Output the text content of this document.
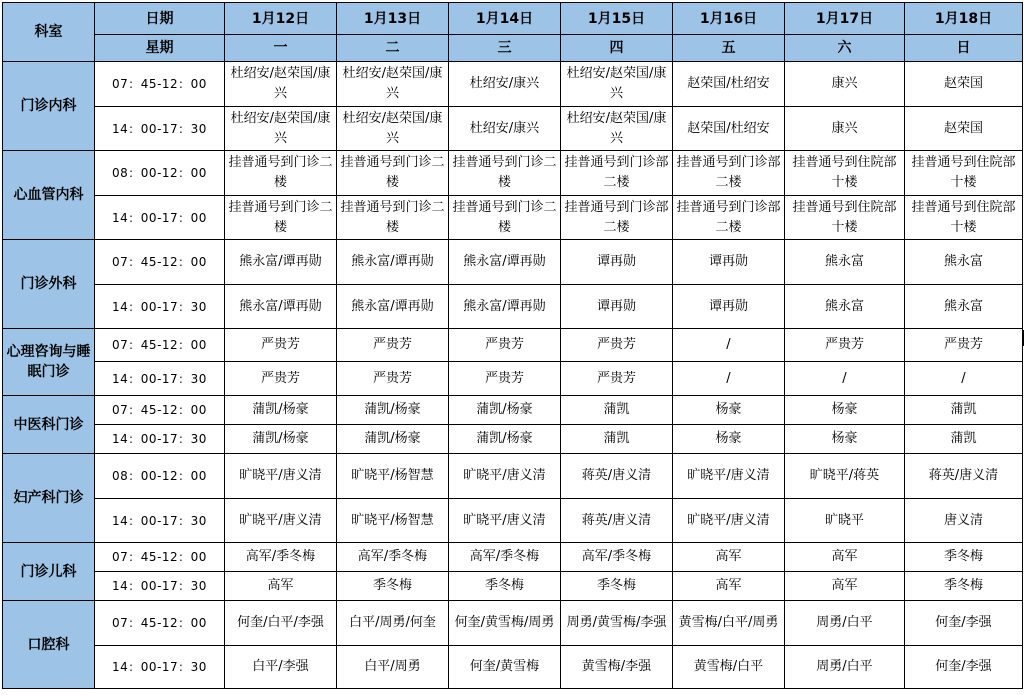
科室	日期	1月12日	1月13日	1月14日	1月15日	1月16日	1月17日	1月18日
	星期	一	二	三	四	五	六	日
门诊内科	07：45-12：00	杜绍安/赵荣国/康兴	杜绍安/赵荣国/康兴	杜绍安/康兴	杜绍安/赵荣国/康兴	赵荣国/杜绍安	康兴	赵荣国
	14：00-17：30	杜绍安/赵荣国/康兴	杜绍安/赵荣国/康兴	杜绍安/康兴	杜绍安/赵荣国/康兴	赵荣国/杜绍安	康兴	赵荣国
心血管内科	08：00-12：00	挂普通号到门诊二楼	挂普通号到门诊二楼	挂普通号到门诊二楼	挂普通号到门诊部二楼	挂普通号到门诊部二楼	挂普通号到住院部十楼	挂普通号到住院部十楼
	14：00-17：00	挂普通号到门诊二楼	挂普通号到门诊二楼	挂普通号到门诊二楼	挂普通号到门诊部二楼	挂普通号到门诊部二楼	挂普通号到住院部十楼	挂普通号到住院部十楼
门诊外科	07：45-12：00	熊永富/谭再勋	熊永富/谭再勋	熊永富/谭再勋	谭再勋	谭再勋	熊永富	熊永富
	14：00-17：30	熊永富/谭再勋	熊永富/谭再勋	熊永富/谭再勋	谭再勋	谭再勋	熊永富	熊永富
心理咨询与睡眠门诊	07：45-12：00	严贵芳	严贵芳	严贵芳	严贵芳	/	严贵芳	严贵芳
	14：00-17：30	严贵芳	严贵芳	严贵芳	严贵芳	/	/	/
中医科门诊	07：45-12：00	蒲凯/杨豪	蒲凯/杨豪	蒲凯/杨豪	蒲凯	杨豪	杨豪	蒲凯
	14：00-17：30	蒲凯/杨豪	蒲凯/杨豪	蒲凯/杨豪	蒲凯	杨豪	杨豪	蒲凯
妇产科门诊	08：00-12：00	旷晓平/唐义清	旷晓平/杨智慧	旷晓平/唐义清	蒋英/唐义清	旷晓平/唐义清	旷晓平/蒋英	蒋英/唐义清
	14：00-17：30	旷晓平/唐义清	旷晓平/杨智慧	旷晓平/唐义清	蒋英/唐义清	旷晓平/唐义清	旷晓平	唐义清
门诊儿科	07：45-12：00	高军/季冬梅	高军/季冬梅	高军/季冬梅	高军/季冬梅	高军	高军	季冬梅
	14：00-17：30	高军	季冬梅	季冬梅	季冬梅	高军	高军	季冬梅
口腔科	07：45-12：00	何奎/白平/李强	白平/周勇/何奎	何奎/黄雪梅/周勇	周勇/黄雪梅/李强	黄雪梅/白平/周勇	周勇/白平	何奎/李强
	14：00-17：30	白平/李强	白平/周勇	何奎/黄雪梅	黄雪梅/李强	黄雪梅/白平	周勇/白平	何奎/李强
